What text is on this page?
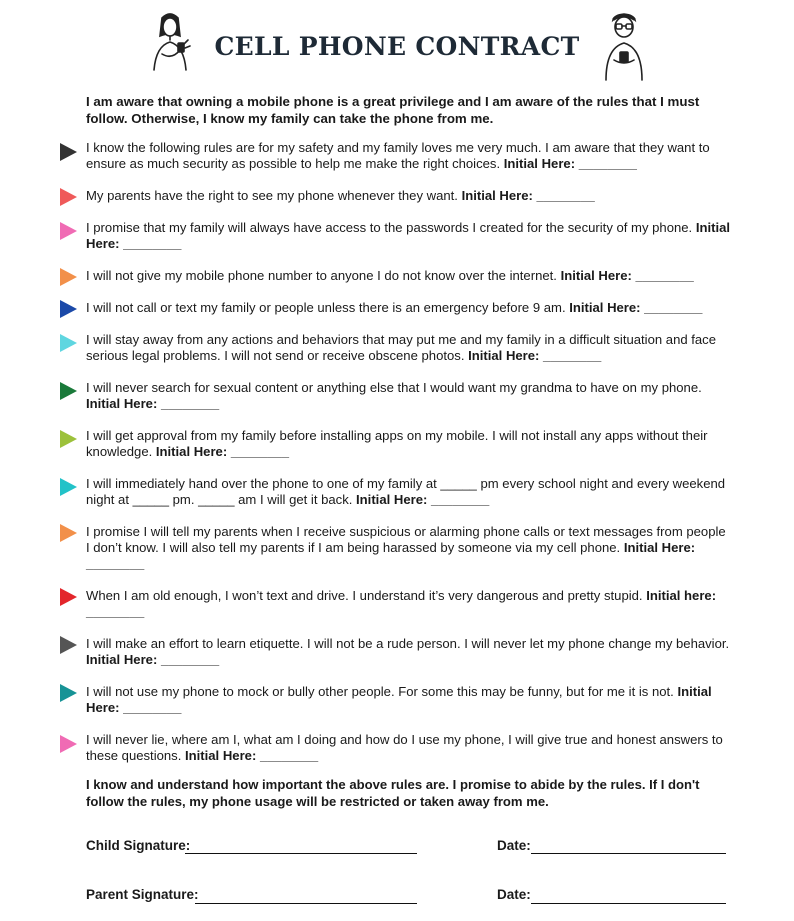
CELL PHONE CONTRACT
I am aware that owning a mobile phone is a great privilege and I am aware of the rules that I must follow. Otherwise, I know my family can take the phone from me.
I know the following rules are for my safety and my family loves me very much. I am aware that they want to ensure as much security as possible to help me make the right choices. Initial Here: ________
My parents have the right to see my phone whenever they want. Initial Here: ________
I promise that my family will always have access to the passwords I created for the security of my phone. Initial Here: ________
I will not give my mobile phone number to anyone I do not know over the internet. Initial Here: ________
I will not call or text my family or people unless there is an emergency before 9 am. Initial Here: ________
I will stay away from any actions and behaviors that may put me and my family in a difficult situation and face serious legal problems. I will not send or receive obscene photos. Initial Here: ________
I will never search for sexual content or anything else that I would want my grandma to have on my phone. Initial Here: ________
I will get approval from my family before installing apps on my mobile. I will not install any apps without their knowledge. Initial Here: ________
I will immediately hand over the phone to one of my family at _____ pm every school night and every weekend night at _____ pm. _____ am I will get it back. Initial Here: ________
I promise I will tell my parents when I receive suspicious or alarming phone calls or text messages from people I don’t know. I will also tell my parents if I am being harassed by someone via my cell phone. Initial Here: ________
When I am old enough, I won’t text and drive. I understand it’s very dangerous and pretty stupid. Initial here: ________
I will make an effort to learn etiquette. I will not be a rude person. I will never let my phone change my behavior. Initial Here: ________
I will not use my phone to mock or bully other people. For some this may be funny, but for me it is not. Initial Here: ________
I will never lie, where am I, what am I doing and how do I use my phone, I will give true and honest answers to these questions. Initial Here: ________
I know and understand how important the above rules are. I promise to abide by the rules. If I don't follow the rules, my phone usage will be restricted or taken away from me.
Child Signature:	Date:
Parent Signature:	Date:
